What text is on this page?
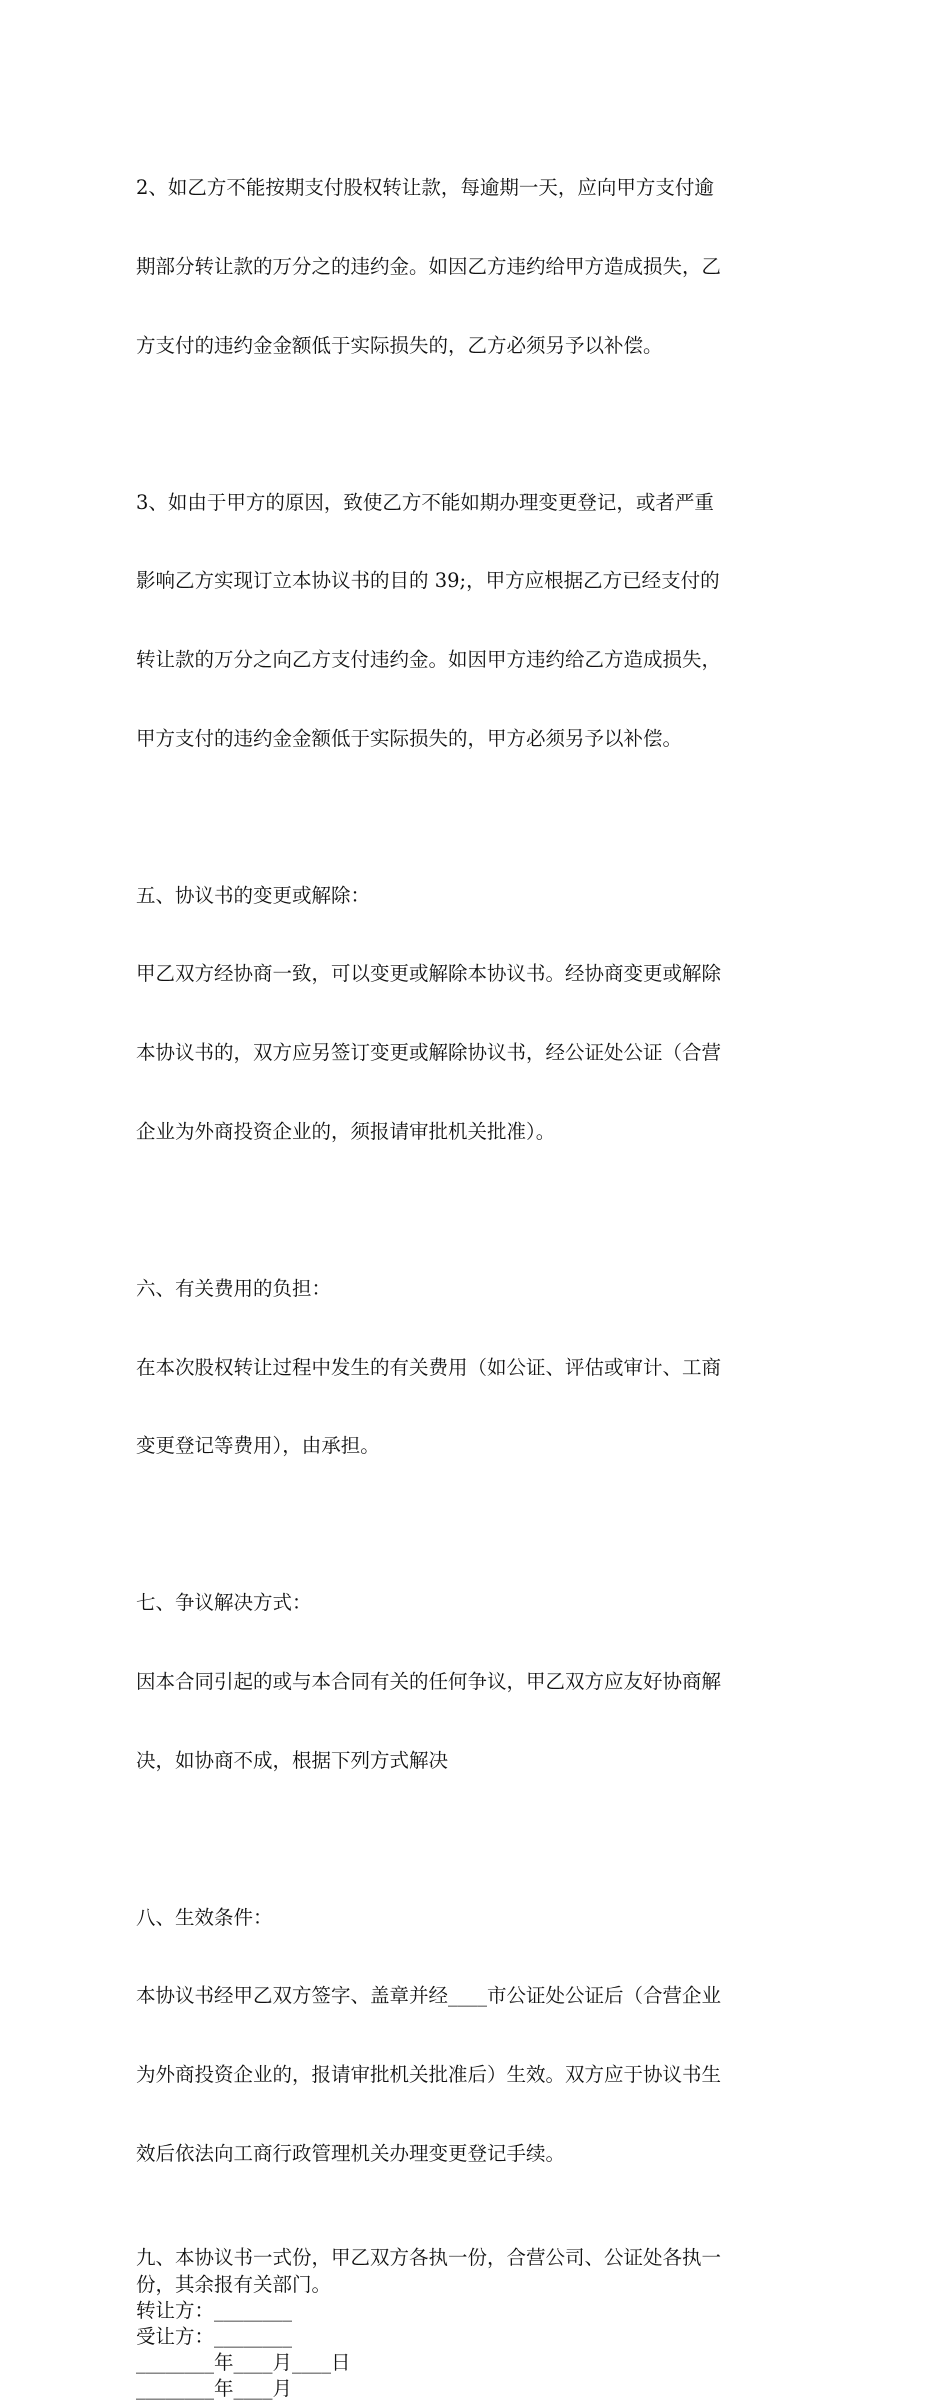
2、如乙方不能按期支付股权转让款，每逾期一天，应向甲方支付逾

期部分转让款的万分之的违约金。如因乙方违约给甲方造成损失，乙

方支付的违约金金额低于实际损失的，乙方必须另予以补偿。

3、如由于甲方的原因，致使乙方不能如期办理变更登记，或者严重

影响乙方实现订立本协议书的目的 39;，甲方应根据乙方已经支付的

转让款的万分之向乙方支付违约金。如因甲方违约给乙方造成损失，

甲方支付的违约金金额低于实际损失的，甲方必须另予以补偿。

五、协议书的变更或解除：

甲乙双方经协商一致，可以变更或解除本协议书。经协商变更或解除

本协议书的，双方应另签订变更或解除协议书，经公证处公证（合营

企业为外商投资企业的，须报请审批机关批准）。

六、有关费用的负担：

在本次股权转让过程中发生的有关费用（如公证、评估或审计、工商

变更登记等费用），由承担。

七、争议解决方式：

因本合同引起的或与本合同有关的任何争议，甲乙双方应友好协商解

决，如协商不成，根据下列方式解决

八、生效条件：

本协议书经甲乙双方签字、盖章并经____市公证处公证后（合营企业

为外商投资企业的，报请审批机关批准后）生效。双方应于协议书生

效后依法向工商行政管理机关办理变更登记手续。

九、本协议书一式份，甲乙双方各执一份，合营公司、公证处各执一
份，其余报有关部门。
转让方：________
受让方：________
________年____月____日
________年____月
